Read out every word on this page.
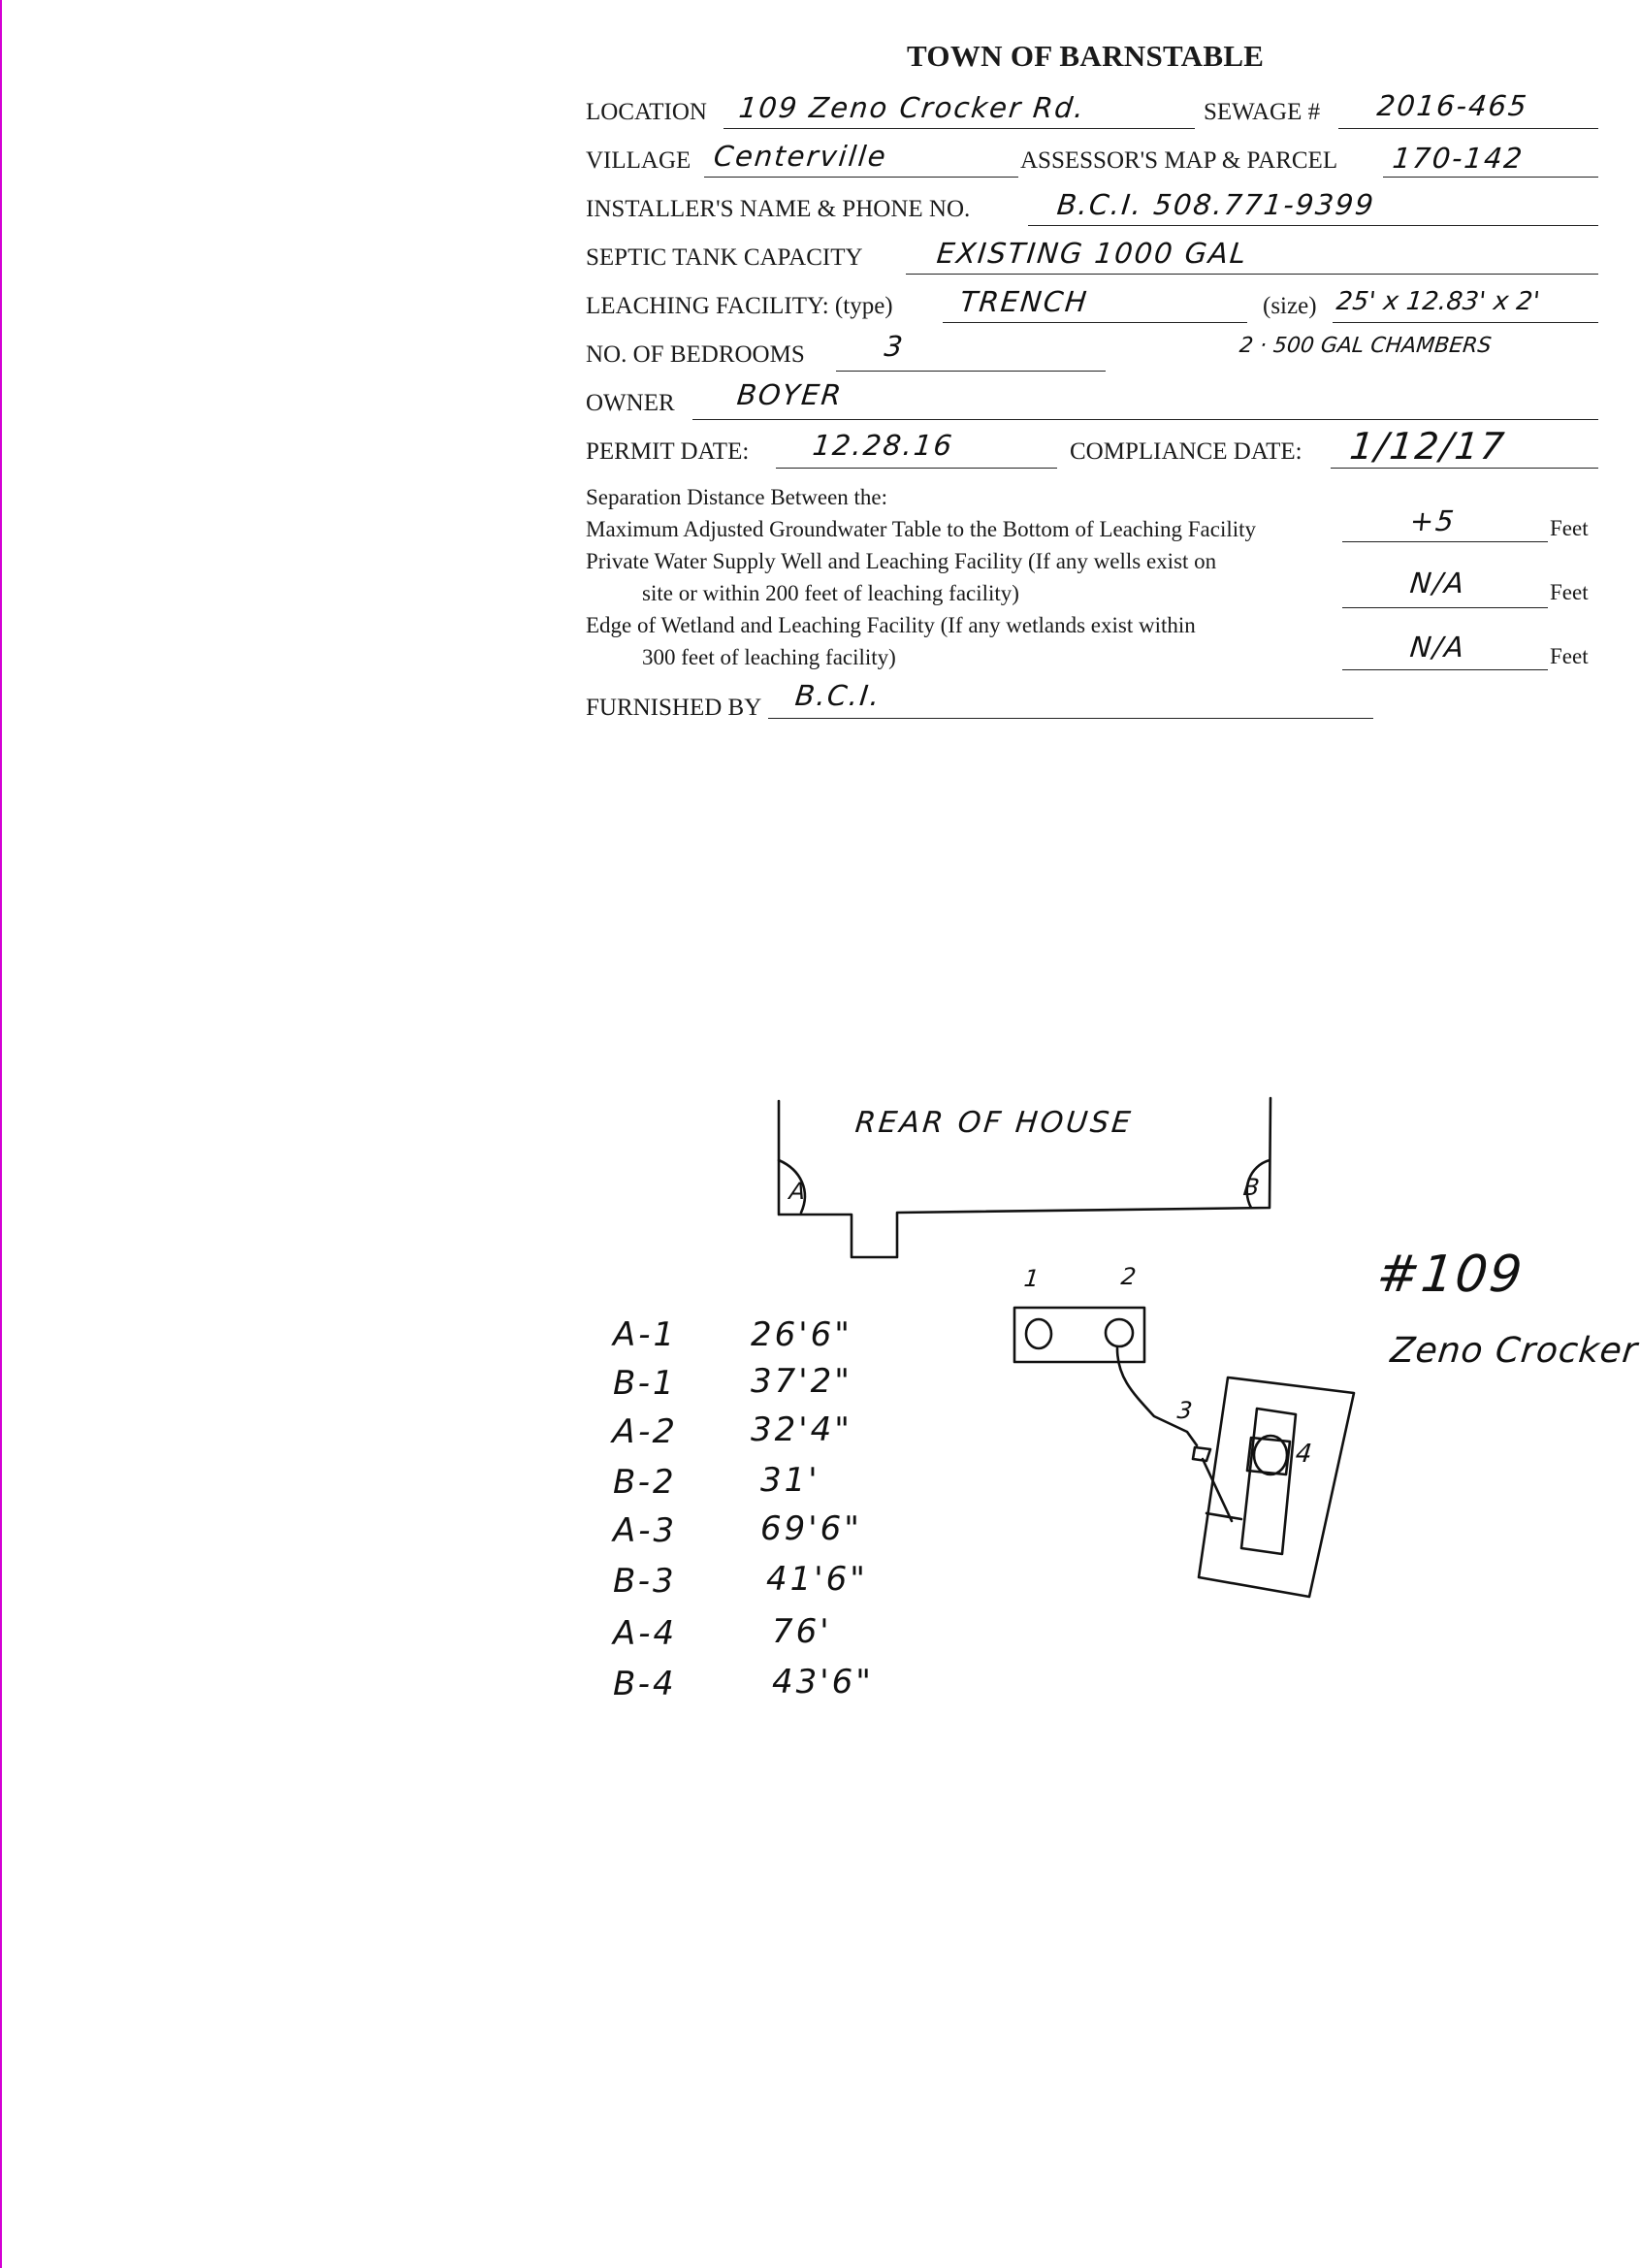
TOWN OF BARNSTABLE
LOCATION 109 Zeno Crocker Rd.	SEWAGE # 2016-465
VILLAGE Centerville	ASSESSOR'S MAP & PARCEL 170-142
INSTALLER'S NAME & PHONE NO.	B.C.I. 508.771-9399
SEPTIC TANK CAPACITY	EXISTING 1000 GAL
LEACHING FACILITY: (type) TRENCH	(size) 25' x 12.83' x 2'
2 · 500 GAL CHAMBERS
NO. OF BEDROOMS	3
OWNER BOYER
PERMIT DATE: 12.28.16	COMPLIANCE DATE: 1/12/17
Separation Distance Between the:
Maximum Adjusted Groundwater Table to the Bottom of Leaching Facility	+5	Feet
Private Water Supply Well and Leaching Facility (If any wells exist on
site or within 200 feet of leaching facility)	N/A	Feet
Edge of Wetland and Leaching Facility (If any wetlands exist within
300 feet of leaching facility)	N/A	Feet
FURNISHED BY B.C.I.
REAR OF HOUSE
A	B
1	2
3
4
#109
Zeno Crocker
A-1 26'6"
B-1 37'2"
A-2 32'4"
B-2	31'
A-3	69'6"
B-3	41'6"
A-4	76'
B-4	43'6"
